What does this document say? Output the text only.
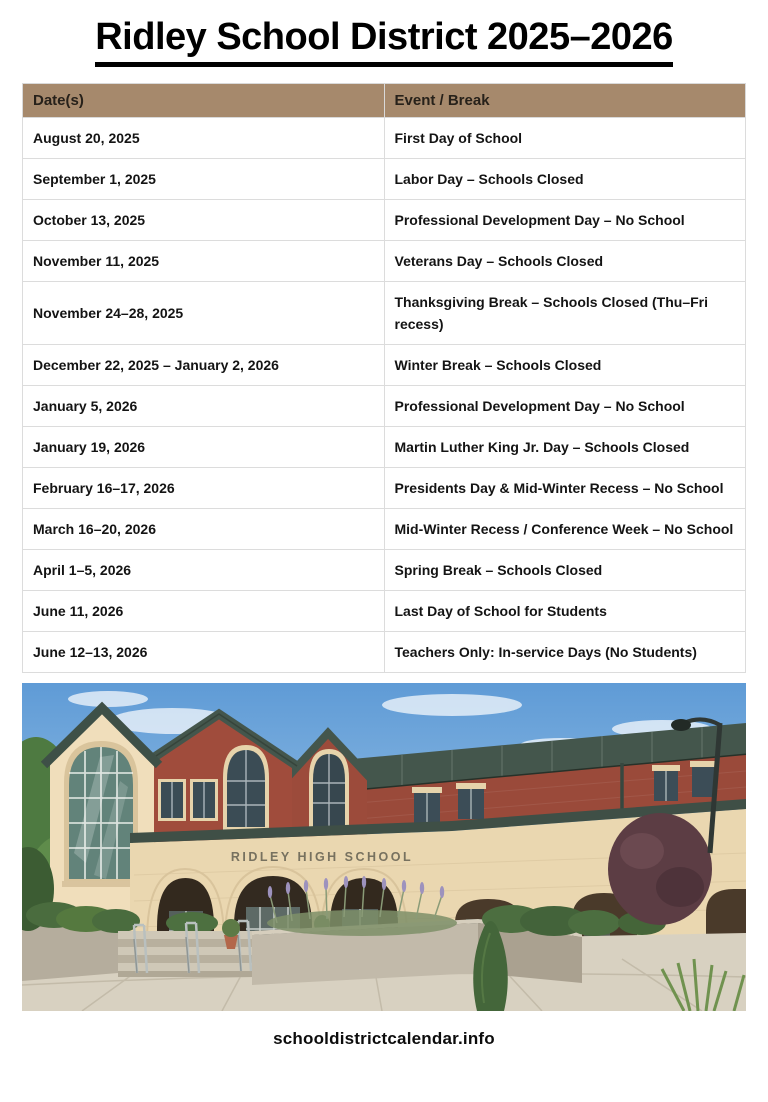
Ridley School District 2025–2026
Date(s)	Event / Break
August 20, 2025	First Day of School
September 1, 2025	Labor Day – Schools Closed
October 13, 2025	Professional Development Day – No School
November 11, 2025	Veterans Day – Schools Closed
November 24–28, 2025	Thanksgiving Break – Schools Closed (Thu–Fri recess)
December 22, 2025 – January 2, 2026	Winter Break – Schools Closed
January 5, 2026	Professional Development Day – No School
January 19, 2026	Martin Luther King Jr. Day – Schools Closed
February 16–17, 2026	Presidents Day & Mid-Winter Recess – No School
March 16–20, 2026	Mid-Winter Recess / Conference Week – No School
April 1–5, 2026	Spring Break – Schools Closed
June 11, 2026	Last Day of School for Students
June 12–13, 2026	Teachers Only: In-service Days (No Students)
RIDLEY HIGH SCHOOL
schooldistrictcalendar.info
